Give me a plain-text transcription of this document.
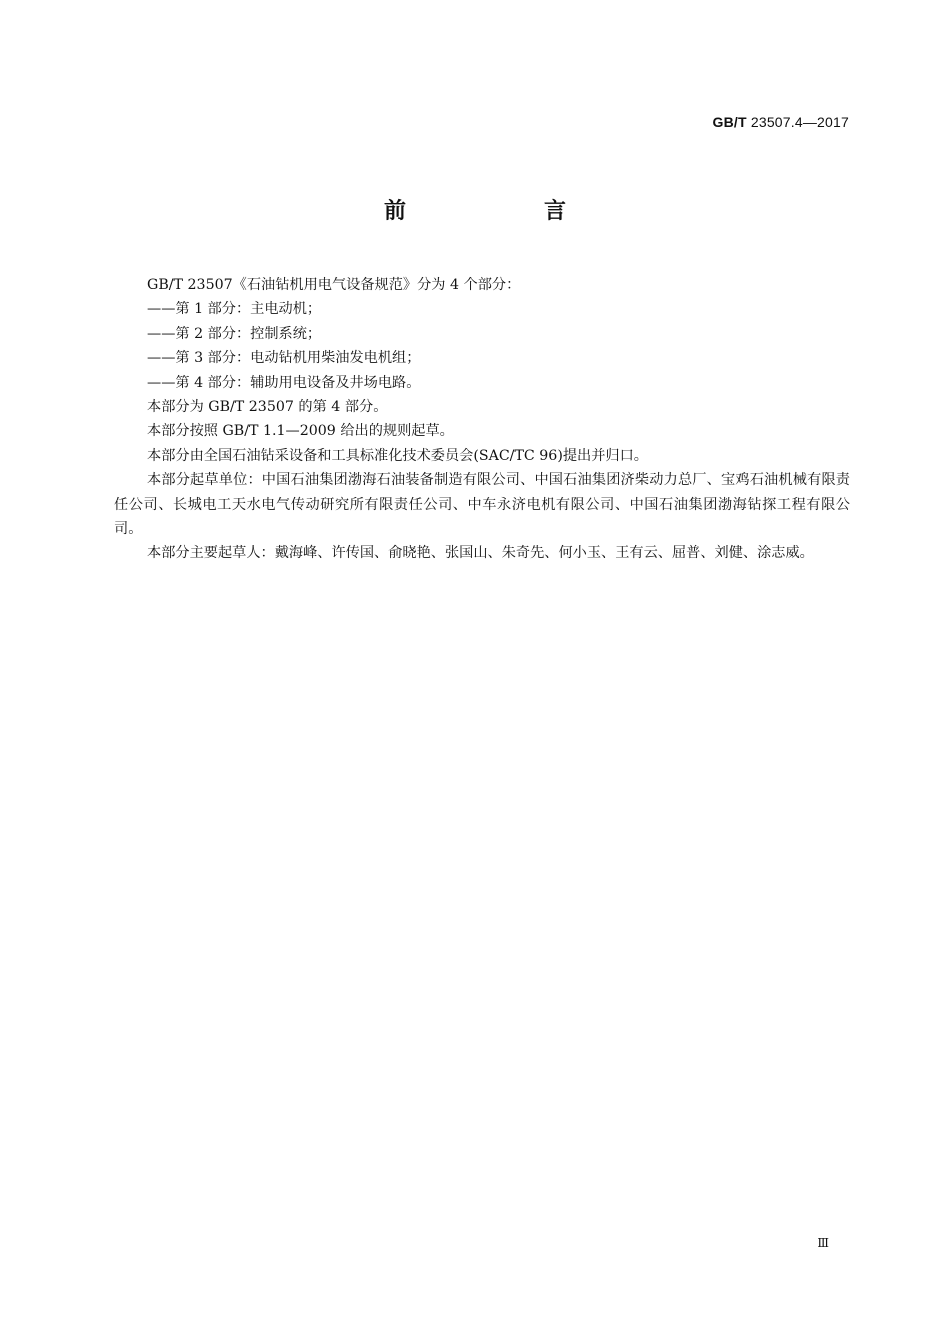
GB/T 23507.4—2017
前　言

GB/T 23507《石油钻机用电气设备规范》分为 4 个部分：

——第 1 部分：主电动机；

——第 2 部分：控制系统；

——第 3 部分：电动钻机用柴油发电机组；

——第 4 部分：辅助用电设备及井场电路。

本部分为 GB/T 23507 的第 4 部分。

本部分按照 GB/T 1.1—2009 给出的规则起草。

本部分由全国石油钻采设备和工具标准化技术委员会(SAC/TC 96)提出并归口。

本部分起草单位：中国石油集团渤海石油装备制造有限公司、中国石油集团济柴动力总厂、宝鸡石油机械有限责任公司、长城电工天水电气传动研究所有限责任公司、中车永济电机有限公司、中国石油集团渤海钻探工程有限公司。

本部分主要起草人：戴海峰、许传国、俞晓艳、张国山、朱奇先、何小玉、王有云、屈普、刘健、涂志威。

Ⅲ
